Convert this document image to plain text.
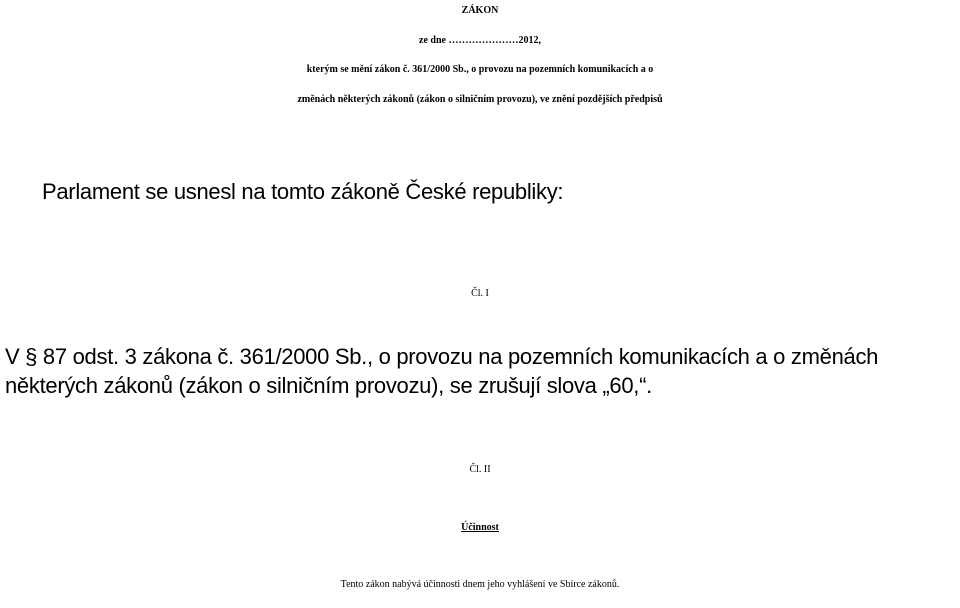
ZÁKON
ze dne …………………2012,
kterým se mění zákon č. 361/2000 Sb., o provozu na pozemních komunikacích a o
změnách některých zákonů (zákon o silničním provozu), ve znění pozdějších předpisů
Parlament se usnesl na tomto zákoně České republiky:
Čl. I
V § 87 odst. 3 zákona č. 361/2000 Sb., o provozu na pozemních komunikacích a o změnách
některých zákonů (zákon o silničním provozu), se zrušují slova „60,“.
Čl. II
Účinnost
Tento zákon nabývá účinnosti dnem jeho vyhlášení ve Sbírce zákonů.
